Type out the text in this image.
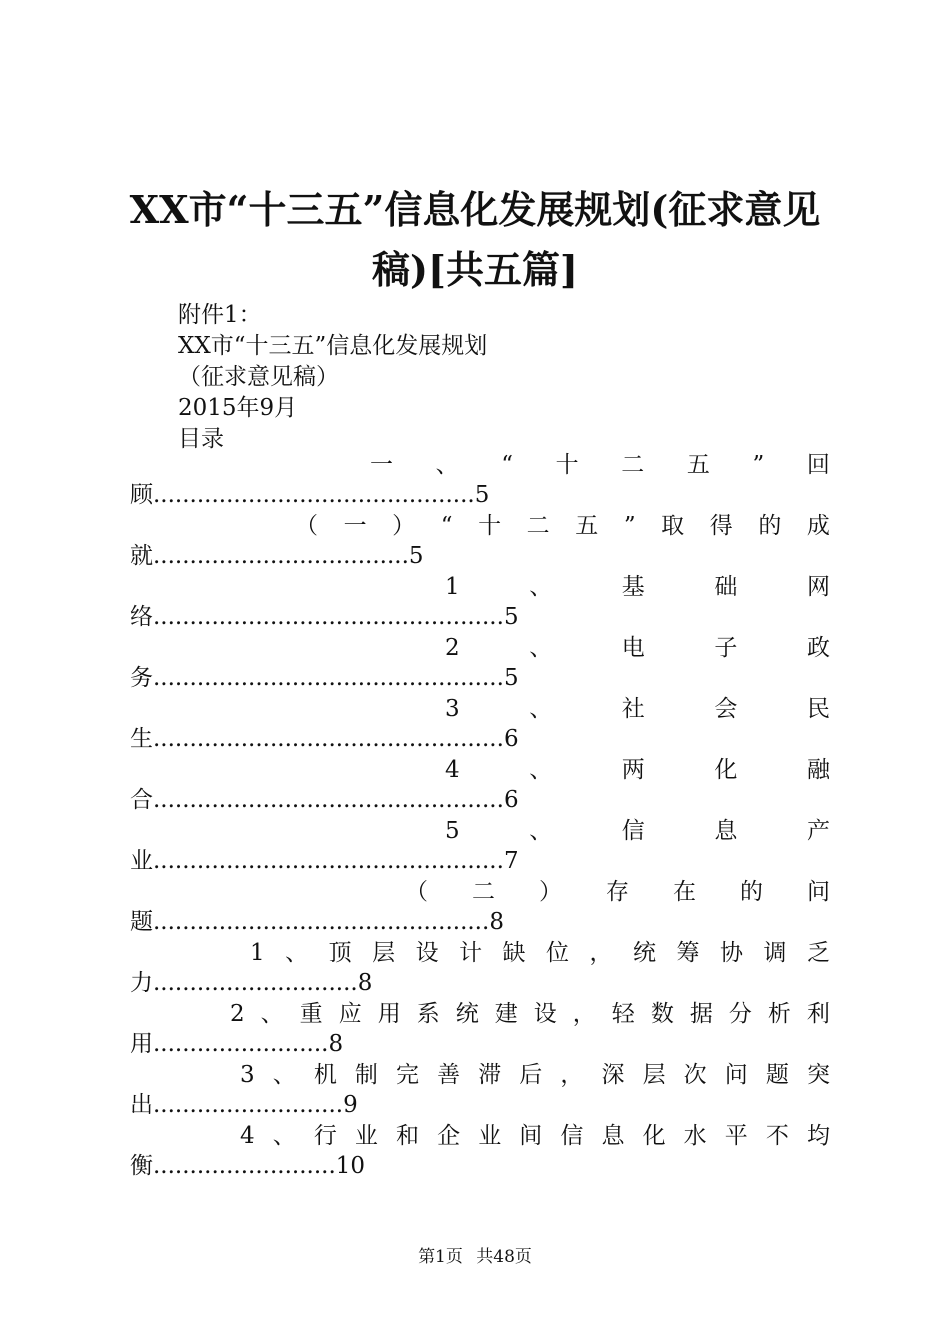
XX市“十三五”信息化发展规划(征求意见
稿)[共五篇]
附件1：
XX市“十三五”信息化发展规划
（征求意见稿）
2015年9月
目录
一 、 “ 十 二 五 ” 回
顾............................................5
（ 一 ） “ 十 二 五 ” 取 得 的 成
就...................................5
1	、	基	础	网
络................................................5
2	、	电	子	政
务................................................5
3	、	社	会	民
生................................................6
4	、	两	化	融
合................................................6
5	、	信	息	产
业................................................7
（ 二 ） 存 在 的 问
题..............................................8
1 、 顶 层 设 计 缺 位 ， 统 筹 协 调 乏
力............................8
2 、 重 应 用 系 统 建 设 ， 轻 数 据 分 析 利
用........................8
3 、 机 制 完 善 滞 后 ， 深 层 次 问 题 突
出..........................9
4 、 行 业 和 企 业 间 信 息 化 水 平 不 均
衡.........................10
第1页 共48页
